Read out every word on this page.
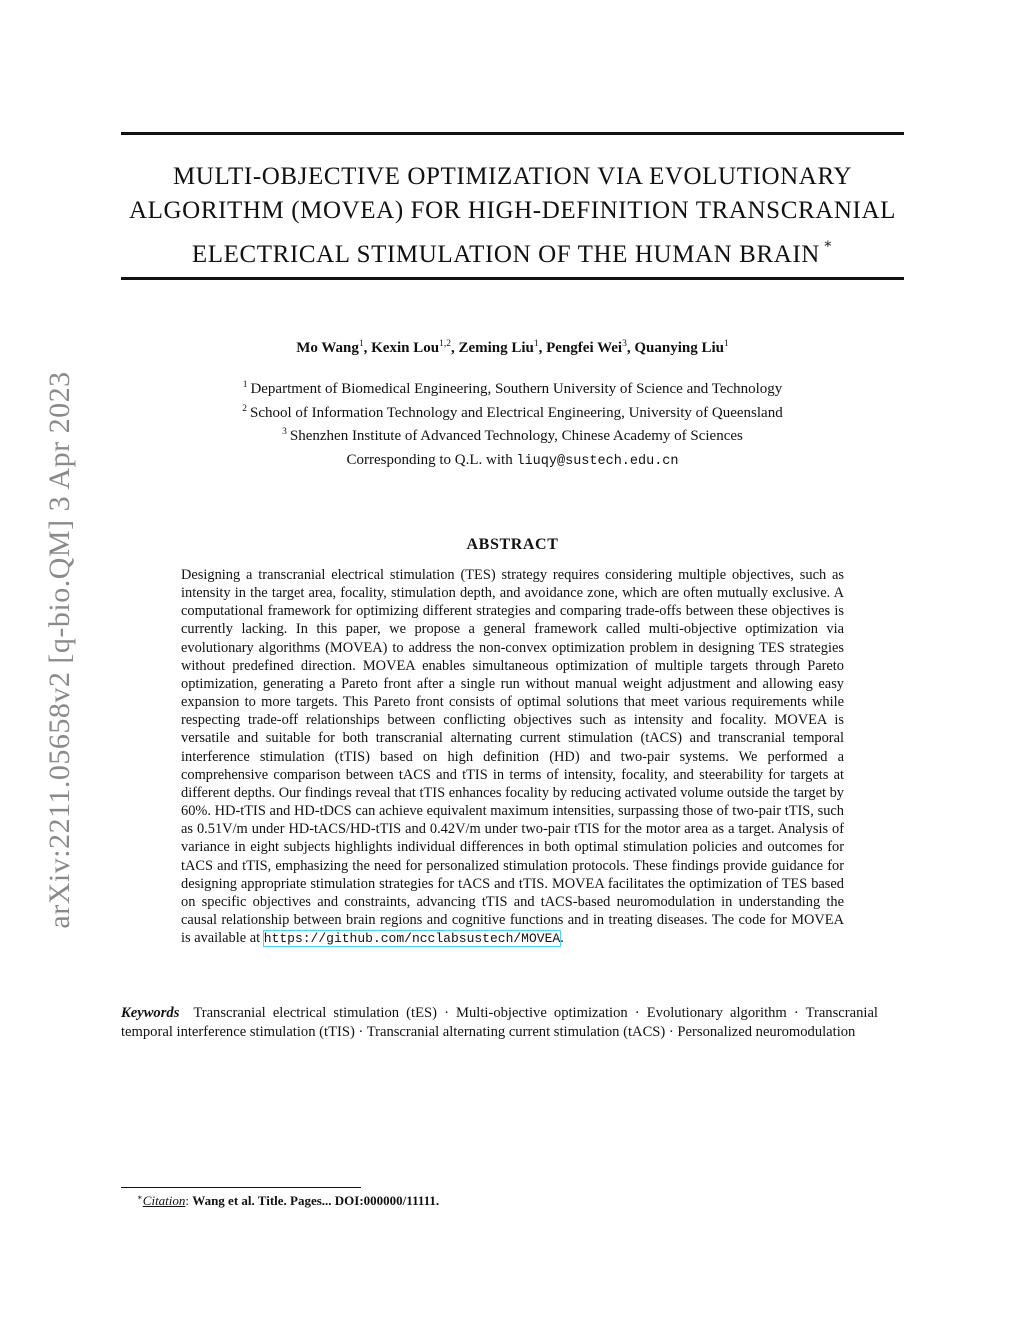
MULTI-OBJECTIVE OPTIMIZATION VIA EVOLUTIONARY
ALGORITHM (MOVEA) FOR HIGH-DEFINITION TRANSCRANIAL
ELECTRICAL STIMULATION OF THE HUMAN BRAIN ∗
arXiv:2211.05658v2 [q-bio.QM] 3 Apr 2023
Mo Wang$^1$, Kexin Lou$^{1,2}$, Zeming Liu$^1$, Pengfei Wei$^3$, Quanying Liu$^1$
$^1$ Department of Biomedical Engineering, Southern University of Science and Technology
$^2$ School of Information Technology and Electrical Engineering, University of Queensland
$^3$ Shenzhen Institute of Advanced Technology, Chinese Academy of Sciences
Corresponding to Q.L. with liuqy@sustech.edu.cn
ABSTRACT
Designing a transcranial electrical stimulation (TES) strategy requires considering multiple objectives, such as intensity in the target area, focality, stimulation depth, and avoidance zone, which are often mutually exclusive. A computational framework for optimizing different strategies and comparing trade-offs between these objectives is currently lacking. In this paper, we propose a general framework called multi-objective optimization via evolutionary algorithms (MOVEA) to address the non-convex optimization problem in designing TES strategies without predefined direction. MOVEA enables simultaneous optimization of multiple targets through Pareto optimization, generating a Pareto front after a single run without manual weight adjustment and allowing easy expansion to more targets. This Pareto front consists of optimal solutions that meet various requirements while respecting trade-off relationships between conflicting objectives such as intensity and focality. MOVEA is versatile and suitable for both transcranial alternating current stimulation (tACS) and transcranial temporal interference stimulation (tTIS) based on high definition (HD) and two-pair systems. We performed a comprehensive comparison between tACS and tTIS in terms of intensity, focality, and steerability for targets at different depths. Our findings reveal that tTIS enhances focality by reducing activated volume outside the target by 60%. HD-tTIS and HD-tDCS can achieve equivalent maximum intensities, surpassing those of two-pair tTIS, such as 0.51V/m under HD-tACS/HD-tTIS and 0.42V/m under two-pair tTIS for the motor area as a target. Analysis of variance in eight subjects highlights individual differences in both optimal stimulation policies and outcomes for tACS and tTIS, emphasizing the need for personalized stimulation protocols. These findings provide guidance for designing appropriate stimulation strategies for tACS and tTIS. MOVEA facilitates the optimization of TES based on specific objectives and constraints, advancing tTIS and tACS-based neuromodulation in understanding the causal relationship between brain regions and cognitive functions and in treating diseases. The code for MOVEA is available at https://github.com/ncclabsustech/MOVEA.
Keywords Transcranial electrical stimulation (tES) · Multi-objective optimization · Evolutionary algorithm · Transcranial temporal interference stimulation (tTIS) · Transcranial alternating current stimulation (tACS) · Personalized neuromodulation
∗Citation: Wang et al. Title. Pages... DOI:000000/11111.
